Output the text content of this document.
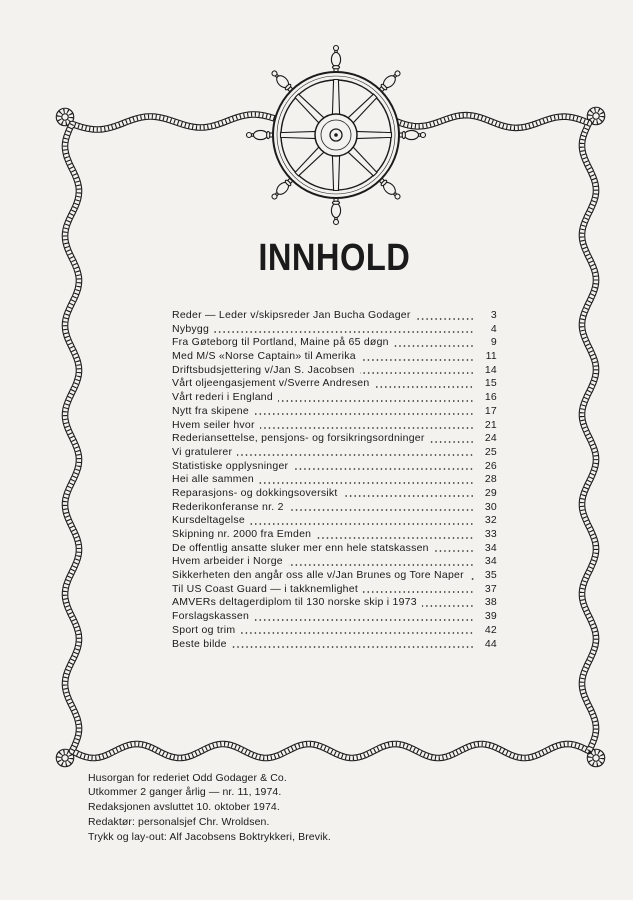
INNHOLD
Reder — Leder v/skipsreder Jan Bucha Godager	3
Nybygg	4
Fra Gøteborg til Portland, Maine på 65 døgn	9
Med M/S «Norse Captain» til Amerika	11
Driftsbudsjettering v/Jan S. Jacobsen	14
Vårt oljeengasjement v/Sverre Andresen	15
Vårt rederi i England	16
Nytt fra skipene	17
Hvem seiler hvor	21
Rederiansettelse, pensjons- og forsikringsordninger	24
Vi gratulerer	25
Statistiske opplysninger	26
Hei alle sammen	28
Reparasjons- og dokkingsoversikt	29
Rederikonferanse nr. 2	30
Kursdeltagelse	32
Skipning nr. 2000 fra Emden	33
De offentlig ansatte sluker mer enn hele statskassen	34
Hvem arbeider i Norge	34
Sikkerheten den angår oss alle v/Jan Brunes og Tore Naper	35
Til US Coast Guard — i takknemlighet	37
AMVERs deltagerdiplom til 130 norske skip i 1973	38
Forslagskassen	39
Sport og trim	42
Beste bilde	44
Husorgan for rederiet Odd Godager & Co.
Utkommer 2 ganger årlig — nr. 11, 1974.
Redaksjonen avsluttet 10. oktober 1974.
Redaktør: personalsjef Chr. Wroldsen.
Trykk og lay-out: Alf Jacobsens Boktrykkeri, Brevik.
